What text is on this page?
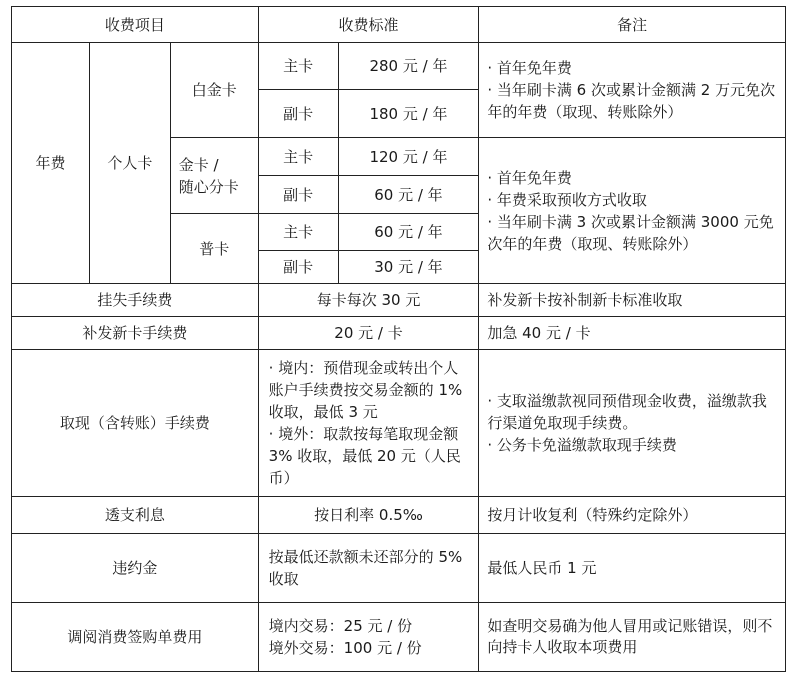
收费项目			收费标准		备注
年费	个人卡	白金卡	主卡	280 元 / 年	· 首年免年费
· 当年刷卡满 6 次或累计金额满 2 万元免次年的年费（取现、转账除外）

			副卡	180 元 / 年	

		金卡 /
随心分卡	主卡	120 元 / 年	· 首年免年费
· 年费采取预收方式收取
· 当年刷卡满 3 次或累计金额满 3000 元免次年的年费（取现、转账除外）

			副卡	60 元 / 年	
		普卡	主卡	60 元 / 年	
			副卡	30 元 / 年	
挂失手续费			每卡每次 30 元		补发新卡按补制新卡标准收取
补发新卡手续费			20 元 / 卡		加急 40 元 / 卡
取现（含转账）手续费			· 境内：预借现金或转出个人账户手续费按交易金额的 1% 收取，最低 3 元
· 境外：取款按每笔取现金额 3% 收取，最低 20 元（人民币）		· 支取溢缴款视同预借现金收费，溢缴款我行渠道免取现手续费。
· 公务卡免溢缴款取现手续费

透支利息			按日利率 0.5‰		按月计收复利（特殊约定除外）
违约金			按最低还款额未还部分的 5% 收取		最低人民币 1 元
调阅消费签购单费用			境内交易：25 元 / 份
境外交易：100 元 / 份		如查明交易确为他人冒用或记账错误，则不向持卡人收取本项费用
